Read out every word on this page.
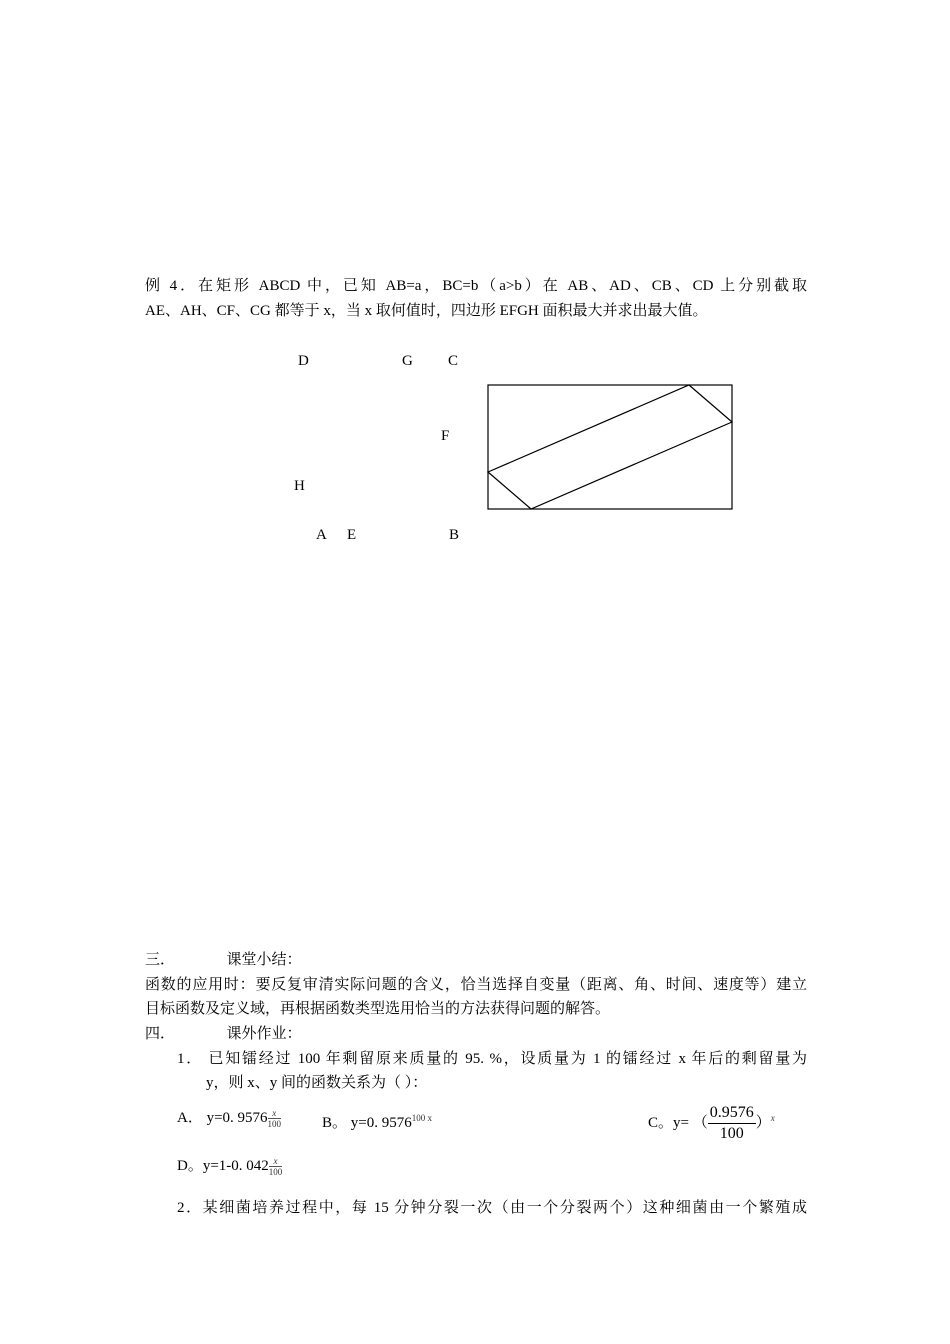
例 4．在矩形 ABCD 中，已知 AB=a，BC=b（a>b）在 AB、AD、CB、CD 上分别截取
AE、AH、CF、CG 都等于 x，当 x 取何值时，四边形 EFGH 面积最大并求出最大值。
D	G C
F
H
A E	B
三．	课堂小结：
函数的应用时：要反复审清实际问题的含义，恰当选择自变量（距离、角、时间、速度等）建立
目标函数及定义域，再根据函数类型选用恰当的方法获得问题的解答。
四．	课外作业：
1． 已知镭经过 100 年剩留原来质量的 95. %，设质量为 1 的镭经过 x 年后的剩留量为
y，则 x、y 间的函数关系为（ ）：
A． y=0. $9576 \frac{x}{100}$	B。 y=0. $9576^{100 x}$	C。y= （ $\frac{0.9576}{100} )^x$
D。y=1-0. $042 \frac{x}{100}$
2．某细菌培养过程中，每 15 分钟分裂一次（由一个分裂两个）这种细菌由一个繁殖成
